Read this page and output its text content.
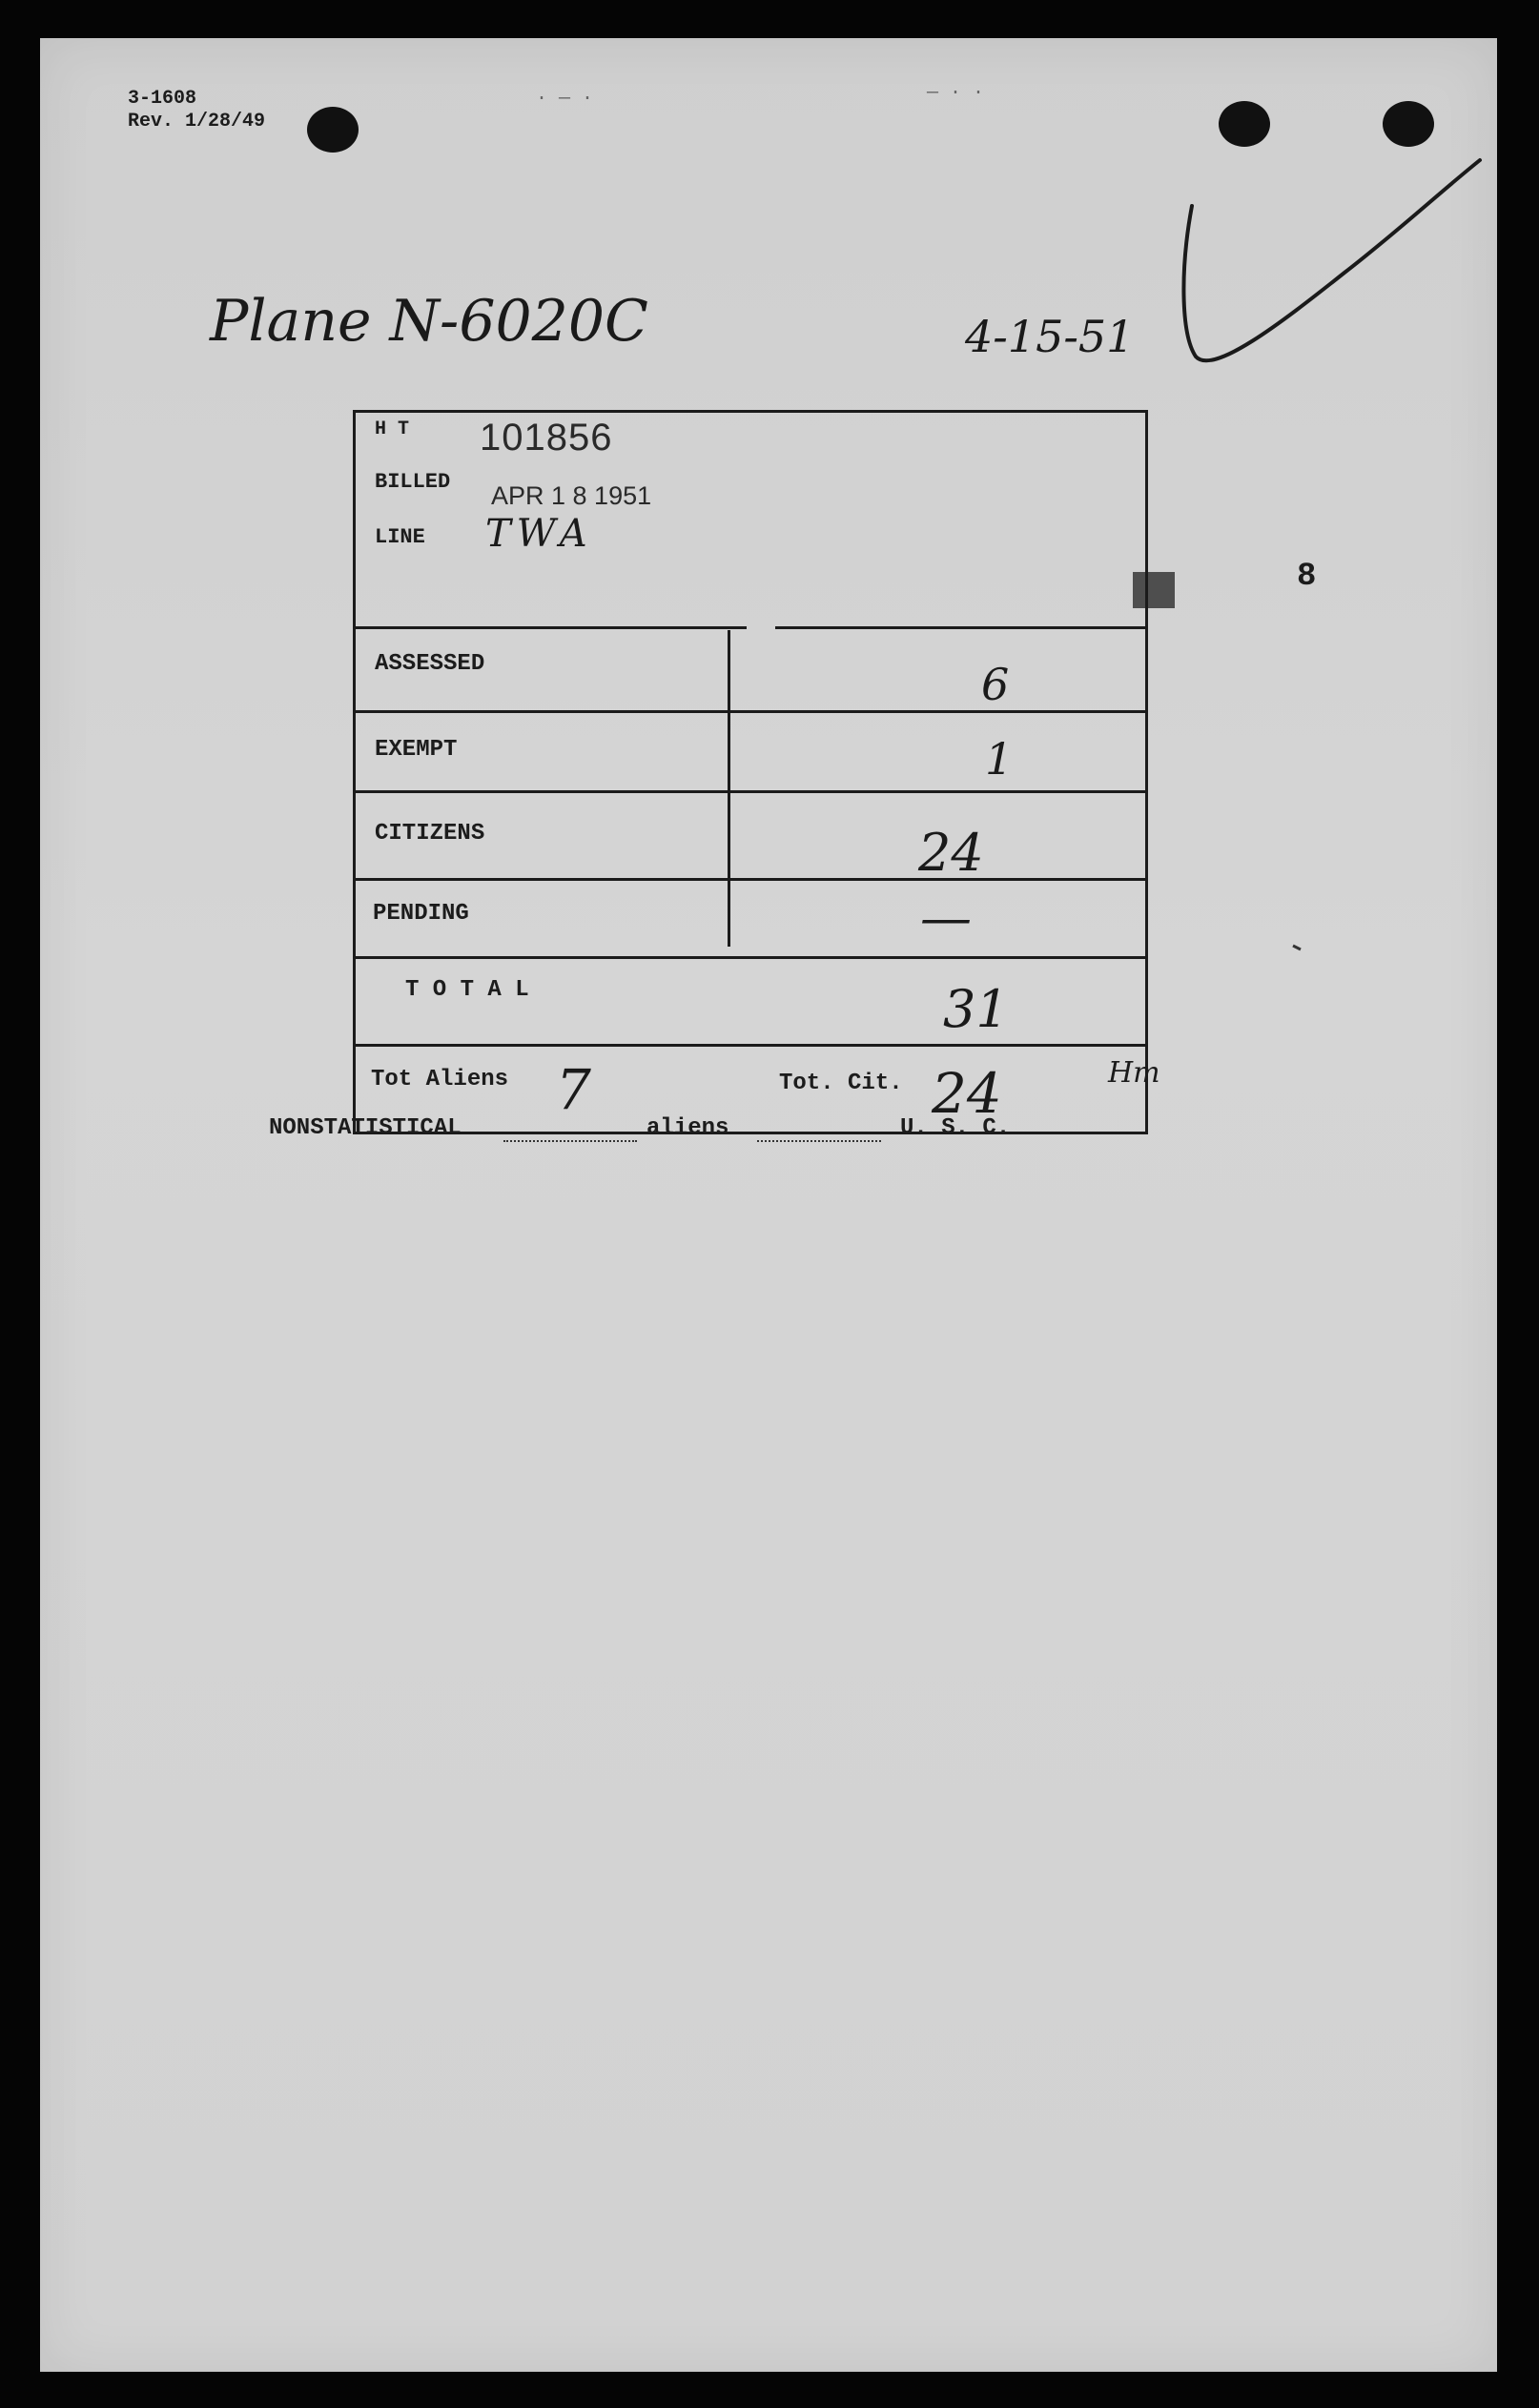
3-1608
Rev. 1/28/49
· — ·	— · ·
Plane N-6020C	4-15-51
8
H T 101856
BILLED APR 1 8 1951
LINE TWA
ASSESSED	6
EXEMPT	1
CITIZENS	24
PENDING	—
T O T A L	31
Tot Aliens 7	Tot. Cit. 24	Hm
NONSTATISTICAL	aliens	U. S. C.
